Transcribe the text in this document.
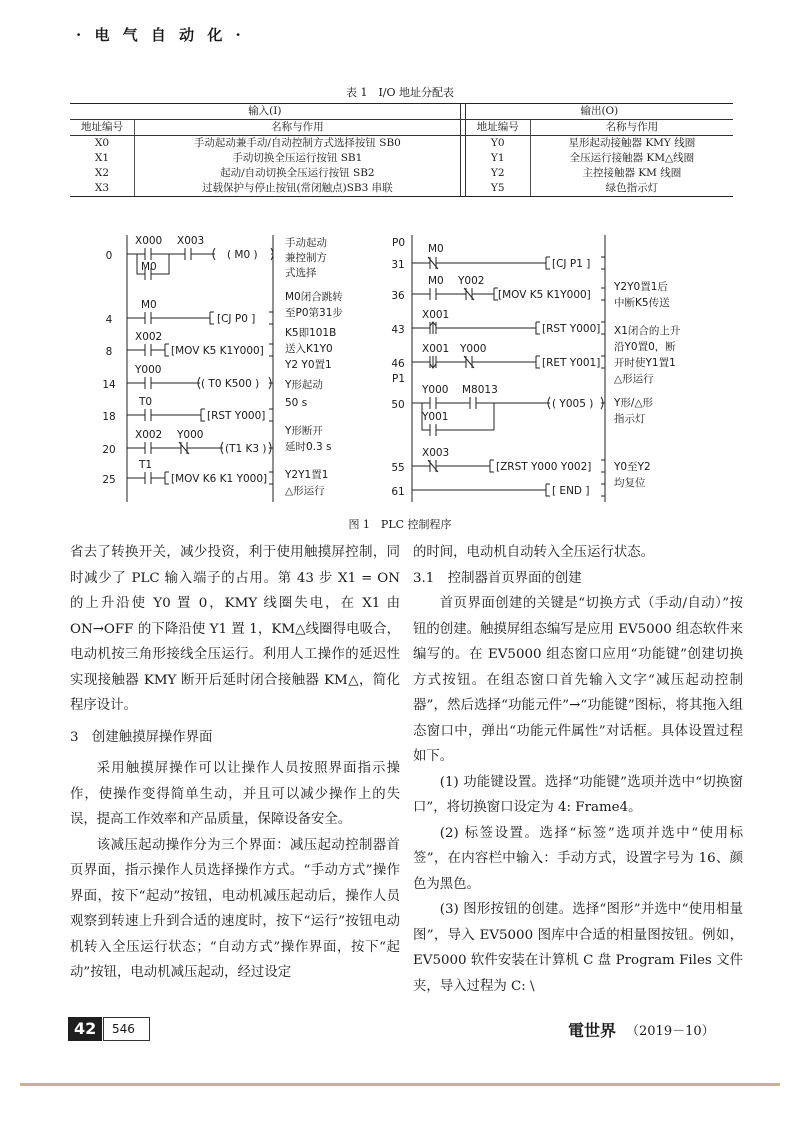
· 电 气 自 动 化 ·
表 1　I/O 地址分配表
输入(I)			输出(O)	
地址编号	名称与作用		地址编号	名称与作用
X0	手动起动兼手动/自动控制方式选择按钮 SB0		Y0	星形起动接触器 KMY 线圈
X1	手动切换全压运行按钮 SB1		Y1	全压运行接触器 KM△线圈
X2	起动/自动切换全压运行按钮 SB2		Y2	主控接触器 KM 线圈
X3	过载保护与停止按钮(常闭触点)SB3 串联		Y5	绿色指示灯
0
4
8
14
18
20
25
X000 X003
M0
M0
X002
Y000
T0
X002 Y000
T1
( M0 )
[CJ P0 ]
[MOV K5 K1Y000]
( T0 K500 )
[RST Y000]
(T1 K3 )
[MOV K6 K1 Y000]
手动起动
兼控制方
式选择
M0闭合跳转
至P0第31步
K5即101B
送入K1Y0
Y2 Y0置1
Y形起动
50 s
Y形断开
延时0.3 s
Y2Y1置1
△形运行
P0
P1
31
36
43
46
50
55
61
M0
M0 Y002
X001
X001 Y000
Y000 M8013
Y001
X003
[CJ P1 ]
[MOV K5 K1Y000]
[RST Y000]
[RET Y001]
( Y005 )
[ZRST Y000 Y002]
[ END ]
Y2Y0置1后
中断K5传送
X1闭合的上升
沿Y0置0，断
开时使Y1置1
△形运行
Y形/△形
指示灯
Y0至Y2
均复位
图 1　PLC 控制程序

省去了转换开关，减少投资，利于使用触摸屏控制，同时减少了 PLC 输入端子的占用。第 43 步 X1 = ON 的上升沿使 Y0 置 0，KMY 线圈失电，在 X1 由 ON→OFF 的下降沿使 Y1 置 1，KM△线圈得电吸合，电动机按三角形接线全压运行。利用人工操作的延迟性实现接触器 KMY 断开后延时闭合接触器 KM△，简化程序设计。

3　创建触摸屏操作界面

采用触摸屏操作可以让操作人员按照界面指示操作，使操作变得简单生动，并且可以减少操作上的失误，提高工作效率和产品质量，保障设备安全。

该减压起动操作分为三个界面：减压起动控制器首页界面，指示操作人员选择操作方式。“手动方式”操作界面，按下“起动”按钮，电动机减压起动后，操作人员观察到转速上升到合适的速度时，按下“运行”按钮电动机转入全压运行状态；“自动方式”操作界面，按下“起动”按钮，电动机减压起动，经过设定

的时间，电动机自动转入全压运行状态。

3.1　控制器首页界面的创建

首页界面创建的关键是“切换方式（手动/自动）”按钮的创建。触摸屏组态编写是应用 EV5000 组态软件来编写的。在 EV5000 组态窗口应用“功能键”创建切换方式按钮。在组态窗口首先输入文字“减压起动控制器”，然后选择“功能元件”→“功能键”图标，将其拖入组态窗口中，弹出“功能元件属性”对话框。具体设置过程如下。

(1) 功能键设置。选择“功能键”选项并选中“切换窗口”，将切换窗口设定为 4: Frame4。

(2) 标签设置。选择“标签”选项并选中“使用标签”，在内容栏中输入：手动方式，设置字号为 16、颜色为黑色。

(3) 图形按钮的创建。选择“图形”并选中“使用相量图”，导入 EV5000 图库中合适的相量图按钮。例如，EV5000 软件安装在计算机 C 盘 Program Files 文件夹，导入过程为 C: \

42	546	電世界 （2019－10）
